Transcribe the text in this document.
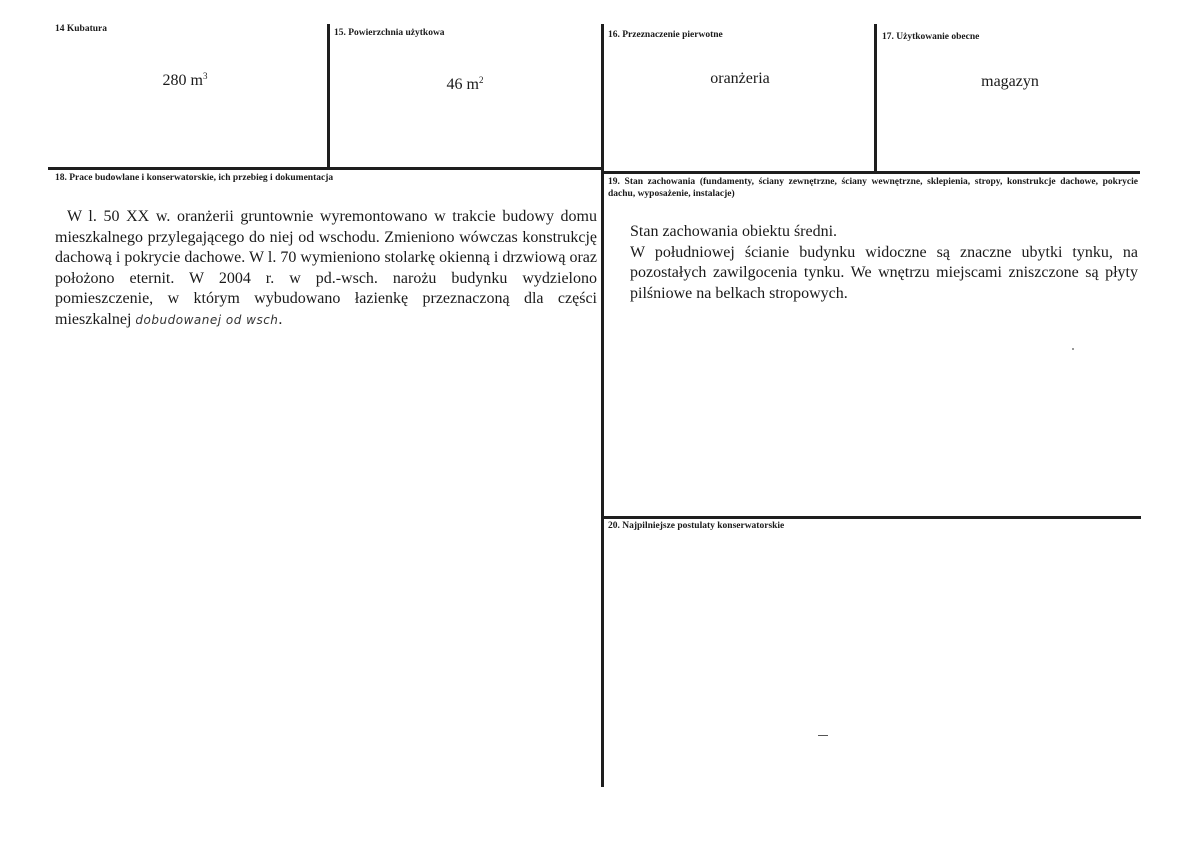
14 Kubatura
280 $m^3$
15. Powierzchnia użytkowa
46 $m^2$
16. Przeznaczenie pierwotne
oranżeria
17. Użytkowanie obecne
magazyn
18. Prace budowlane i konserwatorskie, ich przebieg i dokumentacja
W l. 50 XX w. oranżerii gruntownie wyremontowano w trakcie budowy domu mieszkalnego przylegającego do niej od wschodu. Zmieniono wówczas konstrukcję dachową i pokrycie dachowe. W l. 70 wymieniono stolarkę okienną i drzwiową oraz położono eternit. W 2004 r. w pd.-wsch. narożu budynku wydzielono pomieszczenie, w którym wybudowano łazienkę przeznaczoną dla części mieszkalnej dobudowanej od wsch.
19. Stan zachowania (fundamenty, ściany zewnętrzne, ściany wewnętrzne, sklepienia, stropy, konstrukcje dachowe, pokrycie dachu, wyposażenie, instalacje)
Stan zachowania obiektu średni.
W południowej ścianie budynku widoczne są znaczne ubytki tynku, na pozostałych zawilgocenia tynku. We wnętrzu miejscami zniszczone są płyty pilśniowe na belkach stropowych.
20. Najpilniejsze postulaty konserwatorskie
